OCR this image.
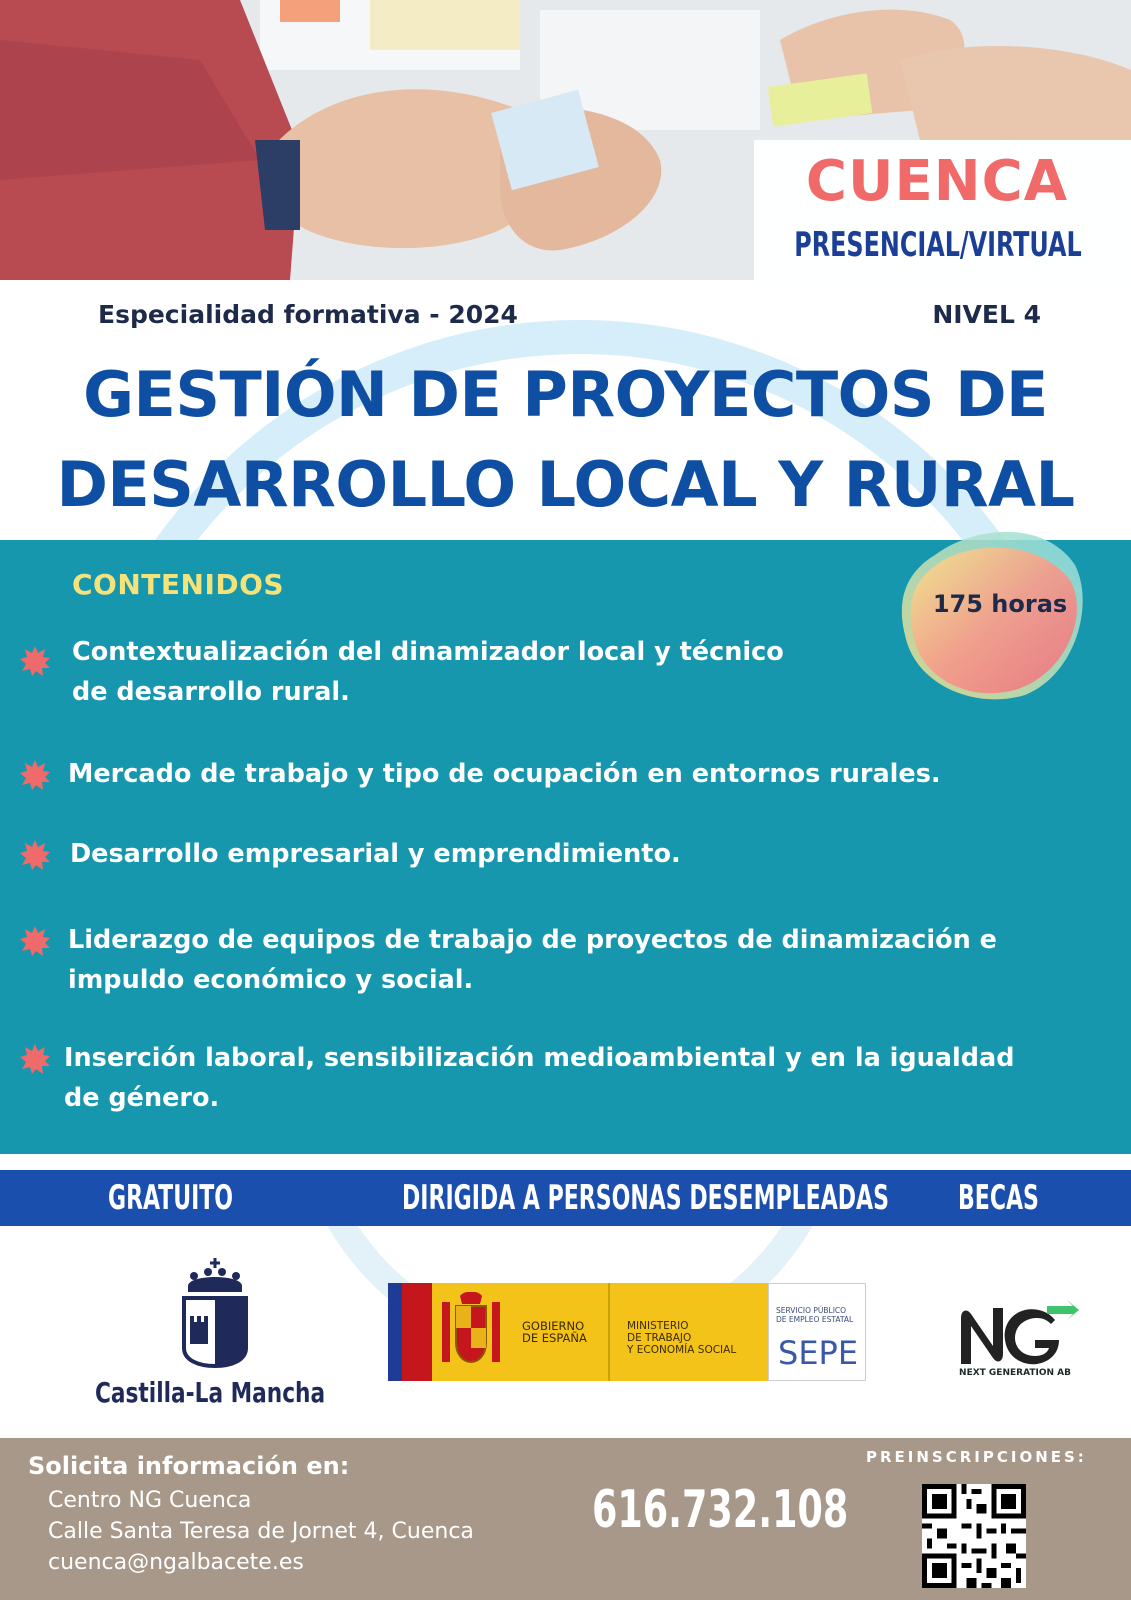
CUENCA
PRESENCIAL/VIRTUAL
Especialidad formativa - 2024	NIVEL 4
GESTIÓN DE PROYECTOS DE
DESARROLLO LOCAL Y RURAL
CONTENIDOS
175 horas
Contextualización del dinamizador local y técnico
de desarrollo rural.
Mercado de trabajo y tipo de ocupación en entornos rurales.
Desarrollo empresarial y emprendimiento.
Liderazgo de equipos de trabajo de proyectos de dinamización e
impuldo económico y social.
Inserción laboral, sensibilización medioambiental y en la igualdad
de género.
GRATUITO	DIRIGIDA A PERSONAS DESEMPLEADAS BECAS
Castilla-La Mancha
GOBIERNO
DE ESPAÑA
MINISTERIO
DE TRABAJO
Y ECONOMÍA SOCIAL
SERVICIO PÚBLICO
DE EMPLEO ESTATAL
SEPE
NEXT GENERATION AB
Solicita información en:
Centro NG Cuenca
Calle Santa Teresa de Jornet 4, Cuenca
cuenca@ngalbacete.es
616.732.108
PREINSCRIPCIONES:
